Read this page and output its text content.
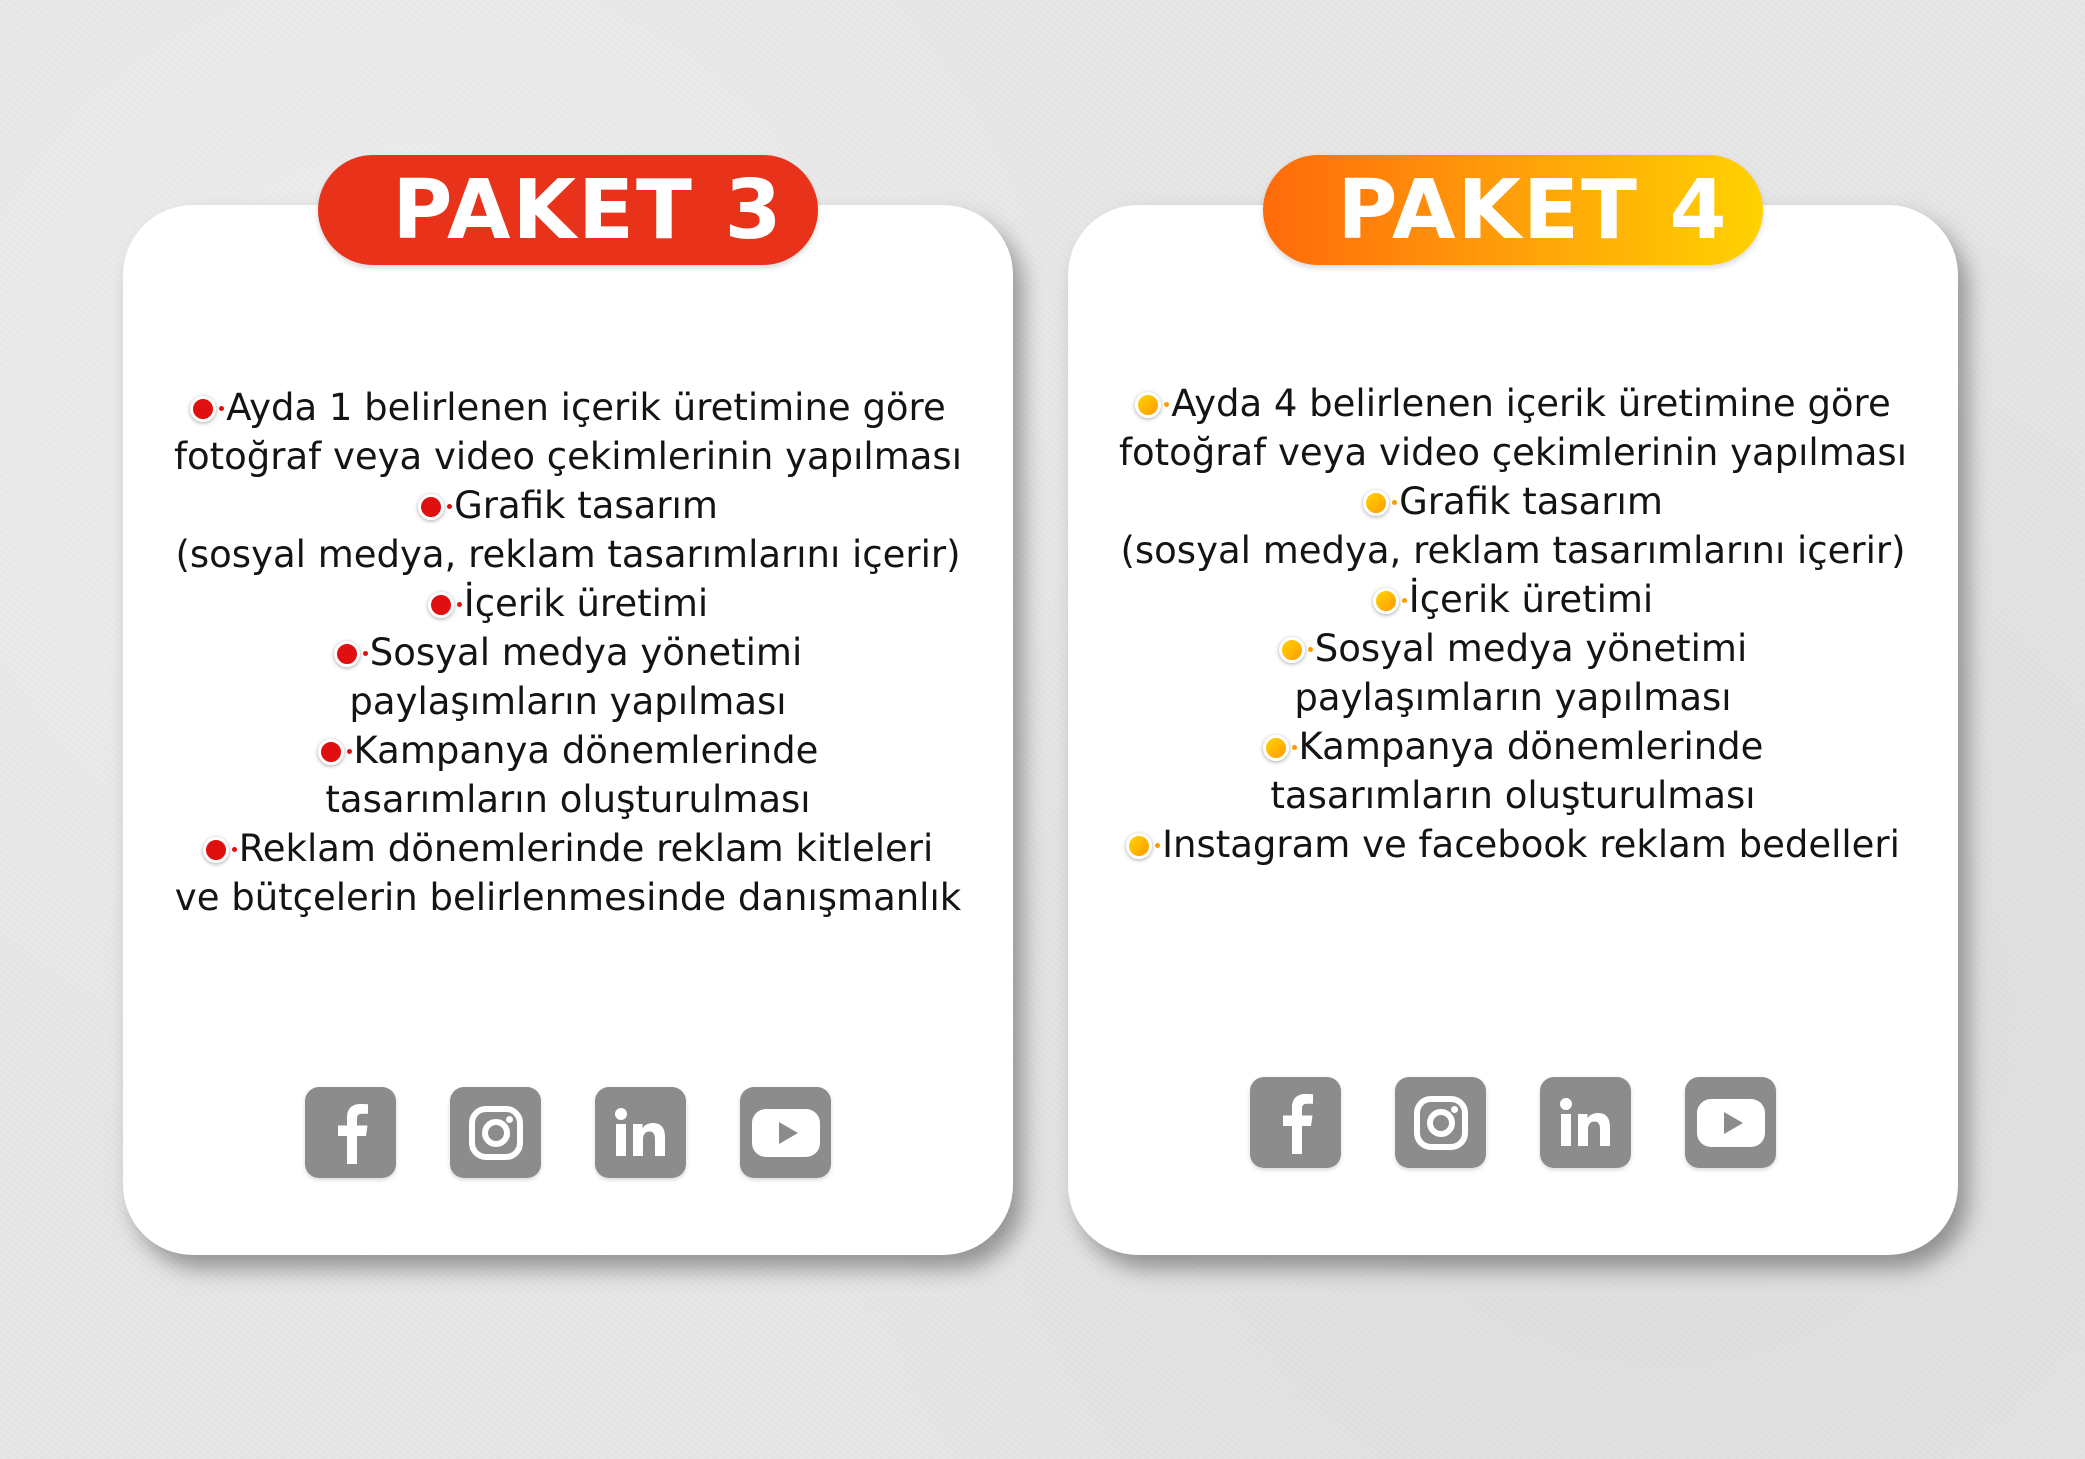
Ayda 1 belirlenen içerik üretimine göre
fotoğraf veya video çekimlerinin yapılması
Grafik tasarım
(sosyal medya, reklam tasarımlarını içerir)
İçerik üretimi
Sosyal medya yönetimi
paylaşımların yapılması
Kampanya dönemlerinde
tasarımların oluşturulması
Reklam dönemlerinde reklam kitleleri
ve bütçelerin belirlenmesinde danışmanlık
Ayda 4 belirlenen içerik üretimine göre
fotoğraf veya video çekimlerinin yapılması
Grafik tasarım
(sosyal medya, reklam tasarımlarını içerir)
İçerik üretimi
Sosyal medya yönetimi
paylaşımların yapılması
Kampanya dönemlerinde
tasarımların oluşturulması
Instagram ve facebook reklam bedelleri
PAKET 3	PAKET 4
